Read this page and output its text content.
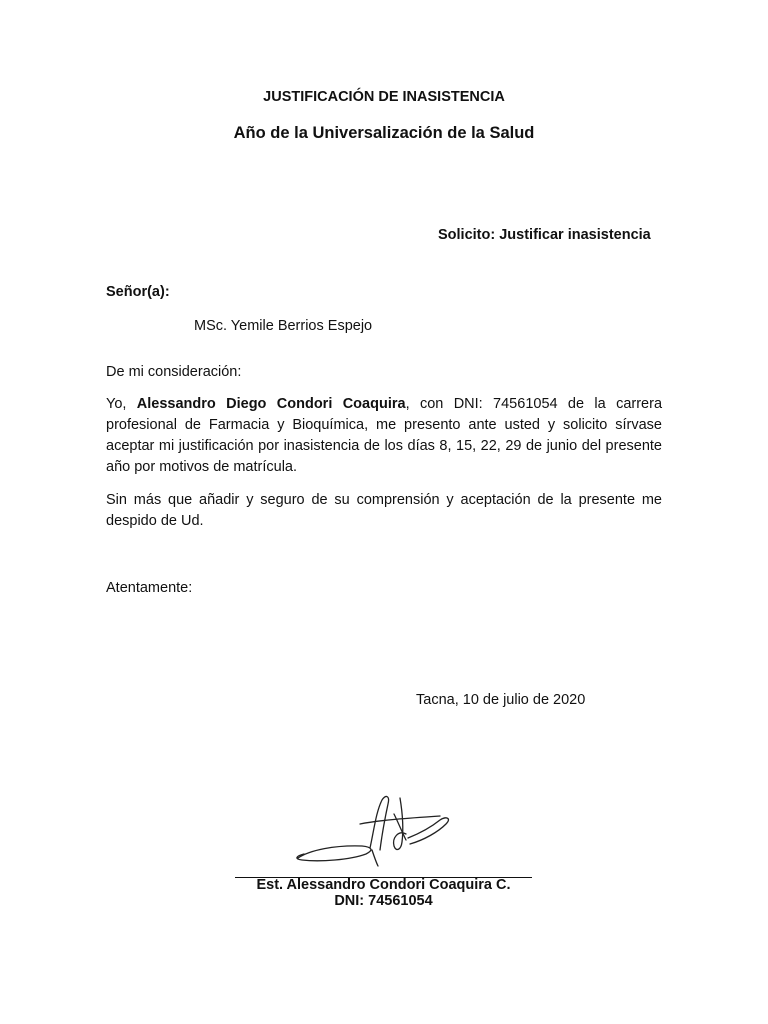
JUSTIFICACIÓN DE INASISTENCIA
Año de la Universalización de la Salud
Solicito: Justificar inasistencia
Señor(a):
MSc. Yemile Berrios Espejo
De mi consideración:
Yo, Alessandro Diego Condori Coaquira, con DNI: 74561054 de la carrera profesional de Farmacia y Bioquímica, me presento ante usted y solicito sírvase aceptar mi justificación por inasistencia de los días 8, 15, 22, 29 de junio del presente año por motivos de matrícula.
Sin más que añadir y seguro de su comprensión y aceptación de la presente me despido de Ud.
Atentamente:
Tacna, 10 de julio de 2020
Est. Alessandro Condori Coaquira C.
DNI: 74561054
